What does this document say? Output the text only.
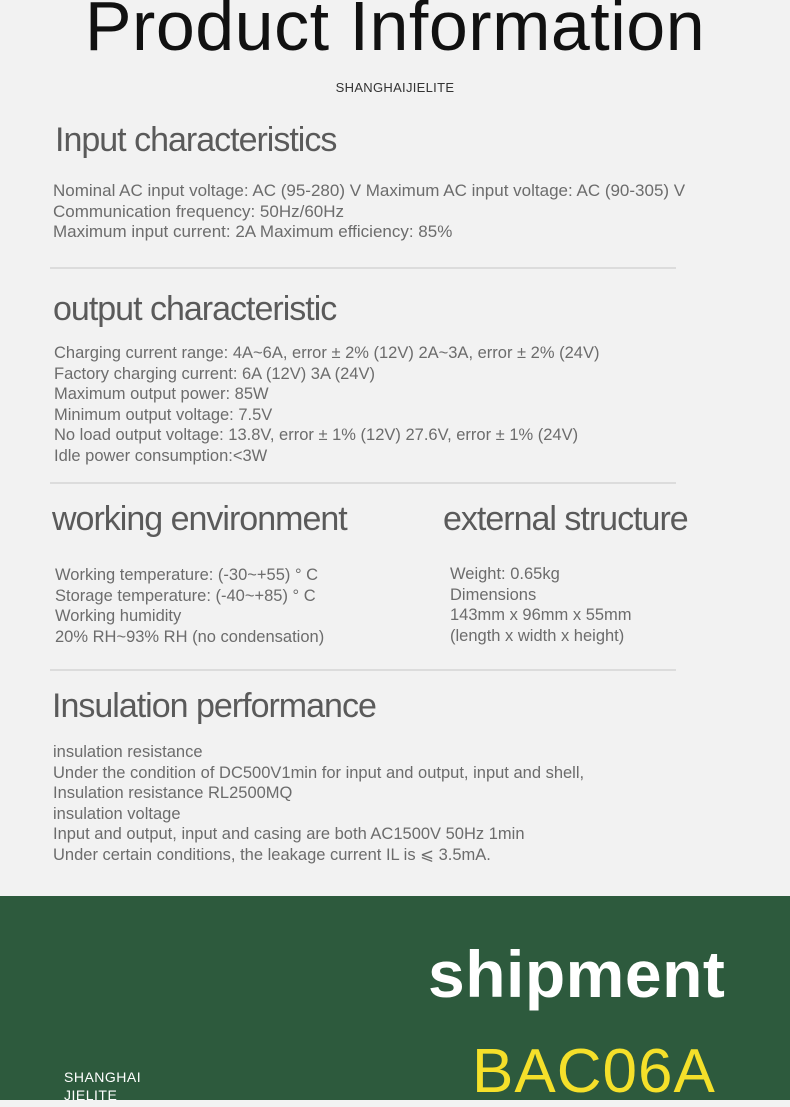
Product Information
SHANGHAIJIELITE
Input characteristics
Nominal AC input voltage: AC (95-280) V Maximum AC input voltage: AC (90-305) V
Communication frequency: 50Hz/60Hz
Maximum input current: 2A Maximum efficiency: 85%
output characteristic
Charging current range: 4A~6A, error ± 2% (12V) 2A~3A, error ± 2% (24V)
Factory charging current: 6A (12V) 3A (24V)
Maximum output power: 85W
Minimum output voltage: 7.5V
No load output voltage: 13.8V, error ± 1% (12V) 27.6V, error ± 1% (24V)
Idle power consumption:<3W
working environment	external structure
Working temperature: (-30~+55) ° C
Storage temperature: (-40~+85) ° C
Working humidity
20% RH~93% RH (no condensation)
Weight: 0.65kg
Dimensions
143mm x 96mm x 55mm
(length x width x height)
Insulation performance
insulation resistance
Under the condition of DC500V1min for input and output, input and shell,
Insulation resistance RL2500MQ
insulation voltage
Input and output, input and casing are both AC1500V 50Hz 1min
Under certain conditions, the leakage current IL is ⩽ 3.5mA.
shipment
SHANGHAI JIELITE	BAC06A
